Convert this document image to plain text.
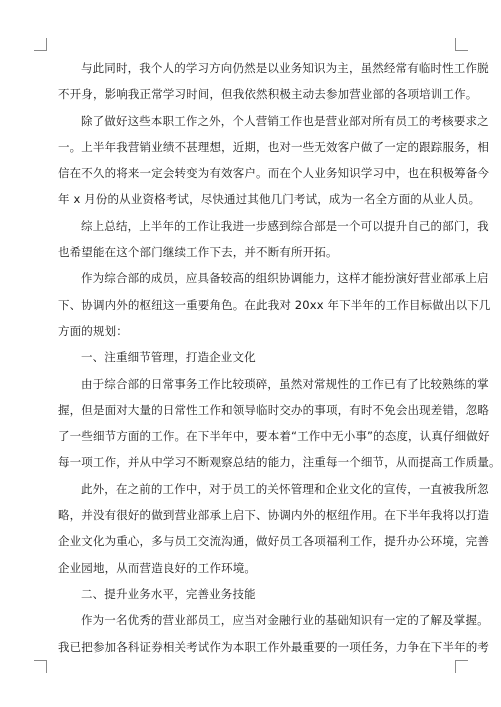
与此同时，我个人的学习方向仍然是以业务知识为主，虽然经常有临时性工作脱
不开身，影响我正常学习时间，但我依然积极主动去参加营业部的各项培训工作。
除了做好这些本职工作之外，个人营销工作也是营业部对所有员工的考核要求之
一。上半年我营销业绩不甚理想，近期，也对一些无效客户做了一定的跟踪服务，相
信在不久的将来一定会转变为有效客户。而在个人业务知识学习中，也在积极筹备今
年 x 月份的从业资格考试，尽快通过其他几门考试，成为一名全方面的从业人员。
综上总结，上半年的工作让我进一步感到综合部是一个可以提升自己的部门，我
也希望能在这个部门继续工作下去，并不断有所开拓。
作为综合部的成员，应具备较高的组织协调能力，这样才能扮演好营业部承上启
下、协调内外的枢纽这一重要角色。在此我对 20xx 年下半年的工作目标做出以下几
方面的规划：
一、注重细节管理，打造企业文化
由于综合部的日常事务工作比较琐碎，虽然对常规性的工作已有了比较熟练的掌
握，但是面对大量的日常性工作和领导临时交办的事项，有时不免会出现差错，忽略
了一些细节方面的工作。在下半年中，要本着“工作中无小事”的态度，认真仔细做好
每一项工作，并从中学习不断观察总结的能力，注重每一个细节，从而提高工作质量。
此外，在之前的工作中，对于员工的关怀管理和企业文化的宣传，一直被我所忽
略，并没有很好的做到营业部承上启下、协调内外的枢纽作用。在下半年我将以打造
企业文化为重心，多与员工交流沟通，做好员工各项福利工作，提升办公环境，完善
企业园地，从而营造良好的工作环境。
二、提升业务水平，完善业务技能
作为一名优秀的营业部员工，应当对金融行业的基础知识有一定的了解及掌握。
我已把参加各科证券相关考试作为本职工作外最重要的一项任务，力争在下半年的考
